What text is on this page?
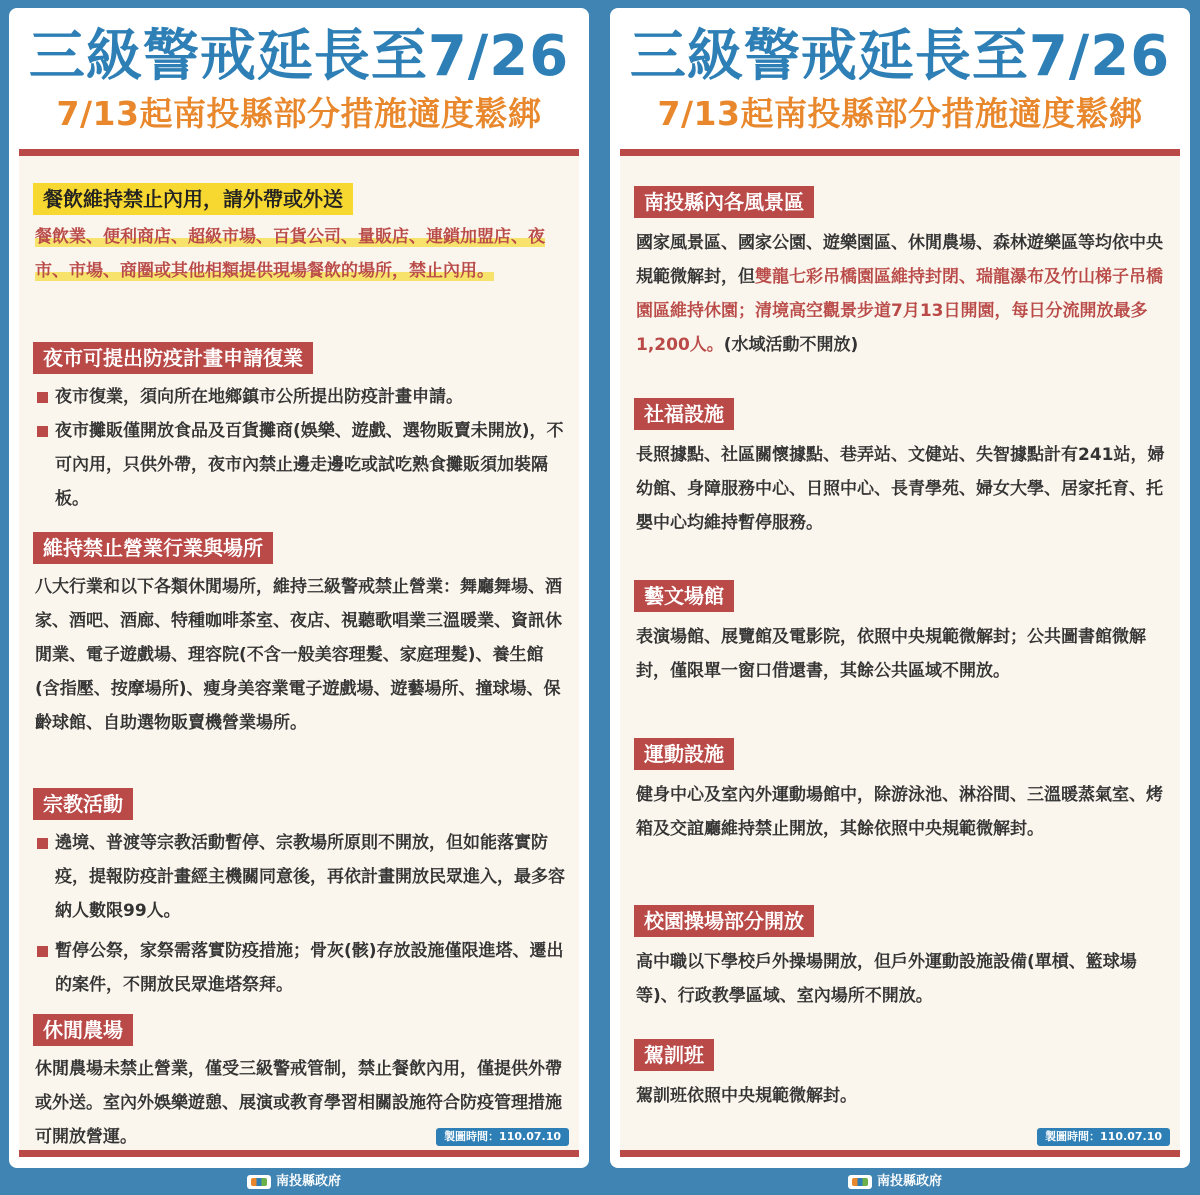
三級警戒延長至7/26
7/13起南投縣部分措施適度鬆綁
餐飲維持禁止內用，請外帶或外送
餐飲業、便利商店、超級市場、百貨公司、量販店、連鎖加盟店、夜市、市場、商圈或其他相類提供現場餐飲的場所，禁止內用。
夜市可提出防疫計畫申請復業
夜市復業，須向所在地鄉鎮市公所提出防疫計畫申請。
夜市攤販僅開放食品及百貨攤商(娛樂、遊戲、選物販賣未開放)，不可內用，只供外帶，夜市內禁止邊走邊吃或試吃熟食攤販須加裝隔板。
維持禁止營業行業與場所
八大行業和以下各類休閒場所，維持三級警戒禁止營業：舞廳舞場、酒家、酒吧、酒廊、特種咖啡茶室、夜店、視聽歌唱業三溫暖業、資訊休閒業、電子遊戲場、理容院(不含一般美容理髮、家庭理髮)、養生館(含指壓、按摩場所)、瘦身美容業電子遊戲場、遊藝場所、撞球場、保齡球館、自助選物販賣機營業場所。
宗教活動
遶境、普渡等宗教活動暫停、宗教場所原則不開放，但如能落實防疫，提報防疫計畫經主機關同意後，再依計畫開放民眾進入，最多容納人數限99人。
暫停公祭，家祭需落實防疫措施；骨灰(骸)存放設施僅限進塔、遷出的案件，不開放民眾進塔祭拜。
休閒農場
休閒農場未禁止營業，僅受三級警戒管制，禁止餐飲內用，僅提供外帶或外送。室內外娛樂遊憩、展演或教育學習相關設施符合防疫管理措施可開放營運。	製圖時間：110.07.10
三級警戒延長至7/26
7/13起南投縣部分措施適度鬆綁
南投縣內各風景區
國家風景區、國家公園、遊樂園區、休閒農場、森林遊樂區等均依中央規範微解封，但雙龍七彩吊橋園區維持封閉、瑞龍瀑布及竹山梯子吊橋園區維持休園；清境高空觀景步道7月13日開園，每日分流開放最多1,200人。(水域活動不開放)
社福設施
長照據點、社區關懷據點、巷弄站、文健站、失智據點計有241站，婦幼館、身障服務中心、日照中心、長青學苑、婦女大學、居家托育、托嬰中心均維持暫停服務。
藝文場館
表演場館、展覽館及電影院，依照中央規範微解封；公共圖書館微解封，僅限單一窗口借還書，其餘公共區域不開放。
運動設施
健身中心及室內外運動場館中，除游泳池、淋浴間、三溫暖蒸氣室、烤箱及交誼廳維持禁止開放，其餘依照中央規範微解封。
校園操場部分開放
高中職以下學校戶外操場開放，但戶外運動設施設備(單槓、籃球場等)、行政教學區域、室內場所不開放。
駕訓班
駕訓班依照中央規範微解封。
製圖時間：110.07.10
南投縣政府	南投縣政府
